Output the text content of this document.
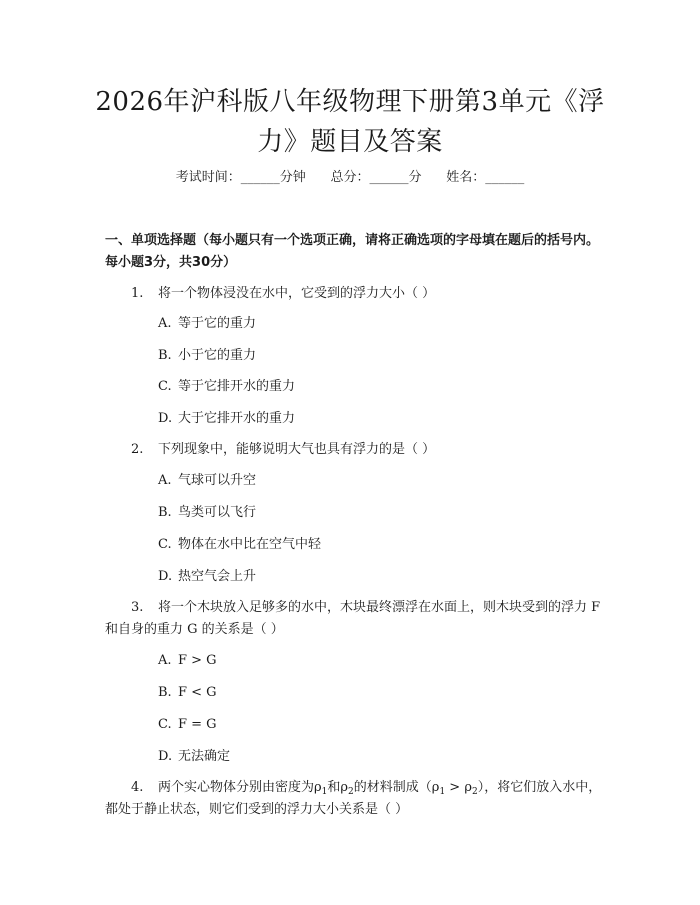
2026年沪科版八年级物理下册第3单元《浮力》题目及答案
考试时间：______分钟      总分：______分      姓名：______
一、单项选择题（每小题只有一个选项正确，请将正确选项的字母填在题后的括号内。每小题3分，共30分）
1. 将一个物体浸没在水中，它受到的浮力大小（ ）
A. 等于它的重力
B. 小于它的重力
C. 等于它排开水的重力
D. 大于它排开水的重力
2. 下列现象中，能够说明大气也具有浮力的是（ ）
A. 气球可以升空
B. 鸟类可以飞行
C. 物体在水中比在空气中轻
D. 热空气会上升
3. 将一个木块放入足够多的水中，木块最终漂浮在水面上，则木块受到的浮力 F 和自身的重力 G 的关系是（ ）
A. F > G
B. F < G
C. F = G
D. 无法确定
4. 两个实心物体分别由密度为$\rho_1$和$\rho_2$的材料制成$(\rho_1 > \rho_2)$，将它们放入水中，都处于静止状态，则它们受到的浮力大小关系是（ ）
